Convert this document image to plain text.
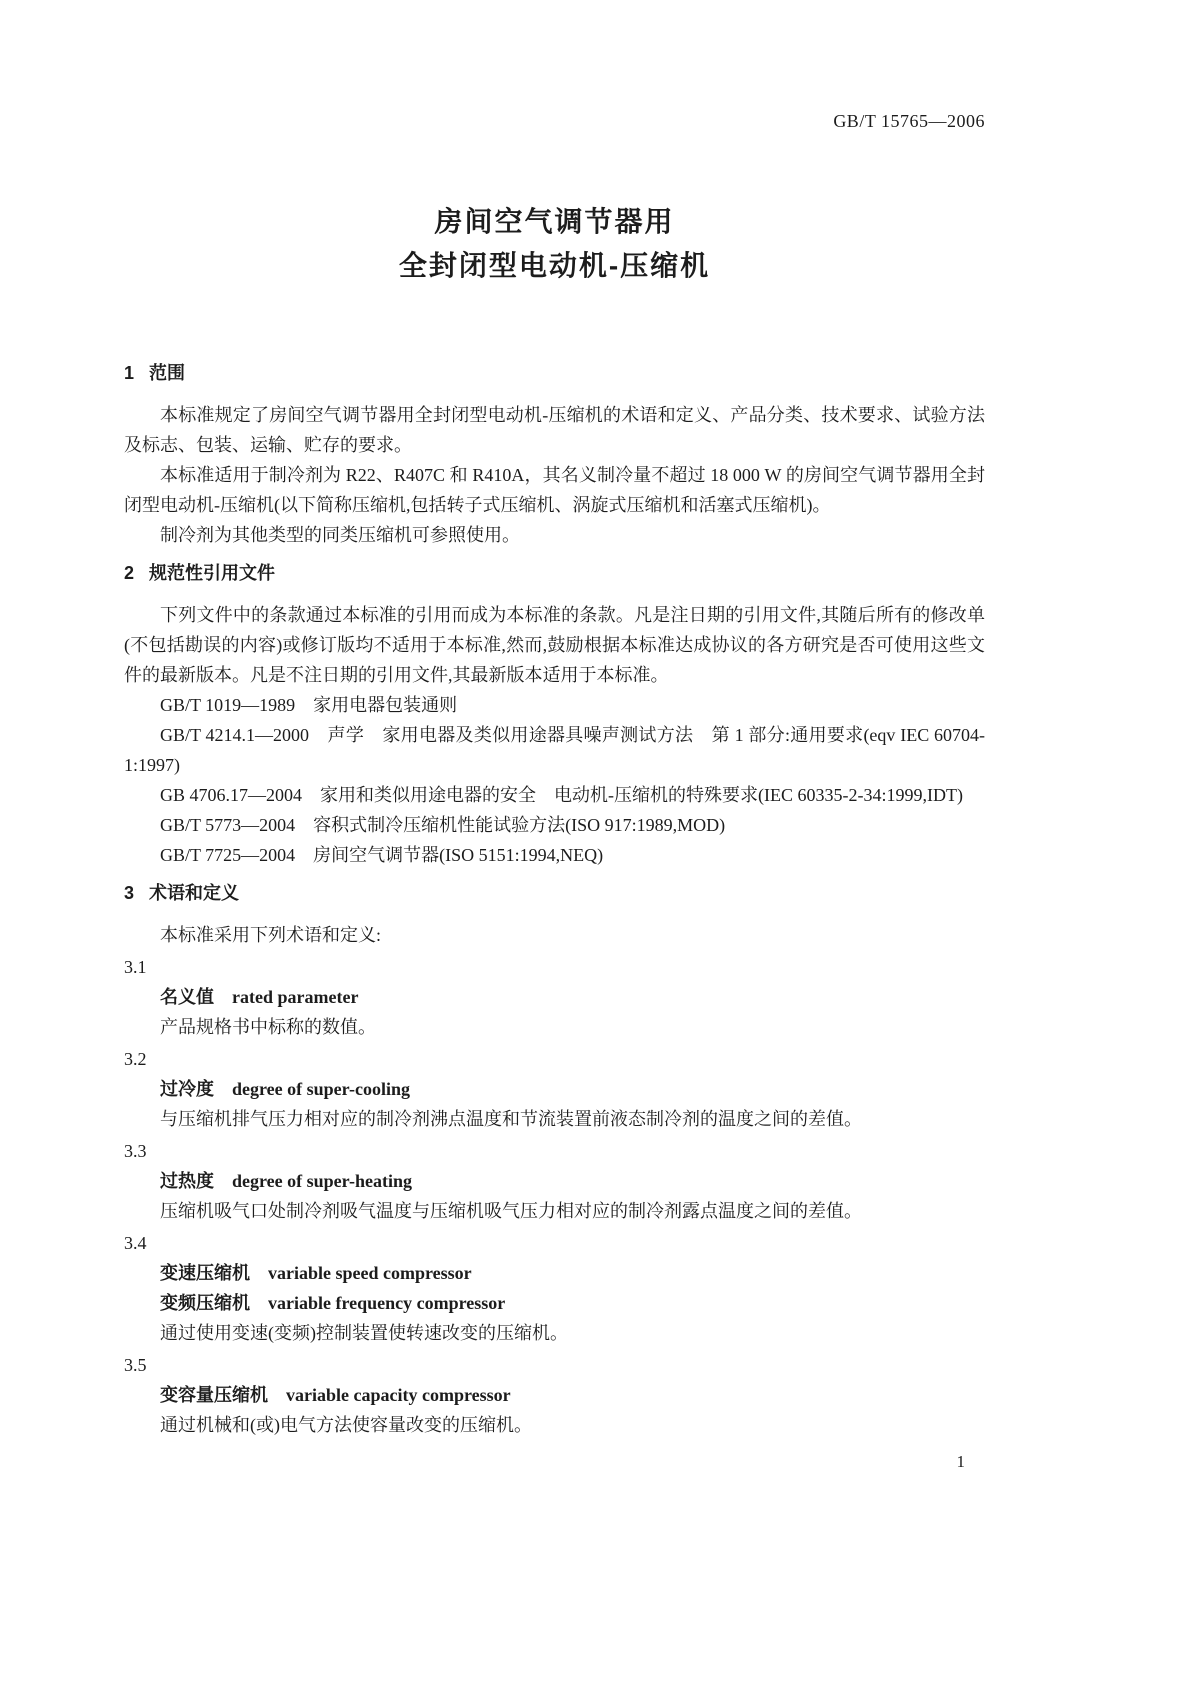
GB/T 15765—2006
房间空气调节器用
全封闭型电动机-压缩机
1 范围

本标准规定了房间空气调节器用全封闭型电动机-压缩机的术语和定义、产品分类、技术要求、试验方法及标志、包装、运输、贮存的要求。

本标准适用于制冷剂为 R22、R407C 和 R410A，其名义制冷量不超过 18 000 W 的房间空气调节器用全封闭型电动机-压缩机(以下简称压缩机,包括转子式压缩机、涡旋式压缩机和活塞式压缩机)。

制冷剂为其他类型的同类压缩机可参照使用。

2 规范性引用文件

下列文件中的条款通过本标准的引用而成为本标准的条款。凡是注日期的引用文件,其随后所有的修改单(不包括勘误的内容)或修订版均不适用于本标准,然而,鼓励根据本标准达成协议的各方研究是否可使用这些文件的最新版本。凡是不注日期的引用文件,其最新版本适用于本标准。

GB/T 1019—1989　家用电器包装通则

GB/T 4214.1—2000　声学　家用电器及类似用途器具噪声测试方法　第 1 部分:通用要求(eqv IEC 60704-1:1997)

GB 4706.17—2004　家用和类似用途电器的安全　电动机-压缩机的特殊要求(IEC 60335-2-34:1999,IDT)

GB/T 5773—2004　容积式制冷压缩机性能试验方法(ISO 917:1989,MOD)

GB/T 7725—2004　房间空气调节器(ISO 5151:1994,NEQ)

3 术语和定义

本标准采用下列术语和定义:

3.1

名义值 rated parameter

产品规格书中标称的数值。

3.2

过冷度 degree of super-cooling

与压缩机排气压力相对应的制冷剂沸点温度和节流装置前液态制冷剂的温度之间的差值。

3.3

过热度 degree of super-heating

压缩机吸气口处制冷剂吸气温度与压缩机吸气压力相对应的制冷剂露点温度之间的差值。

3.4

变速压缩机 variable speed compressor

变频压缩机 variable frequency compressor

通过使用变速(变频)控制装置使转速改变的压缩机。

3.5

变容量压缩机 variable capacity compressor

通过机械和(或)电气方法使容量改变的压缩机。

1
